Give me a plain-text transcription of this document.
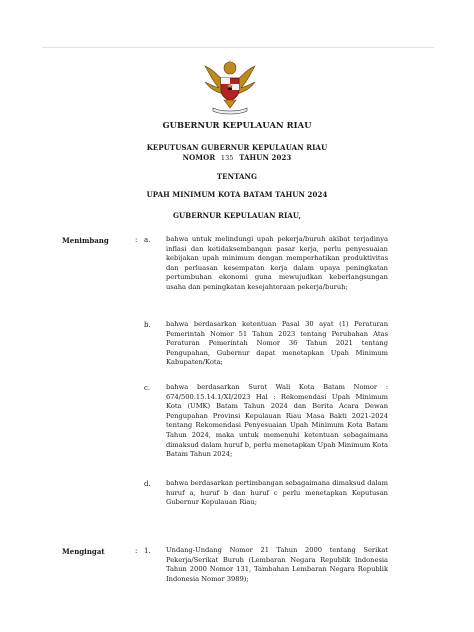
GUBERNUR KEPULAUAN RIAU
KEPUTUSAN GUBERNUR KEPULAUAN RIAU
NOMOR 135 TAHUN 2023
TENTANG
UPAH MINIMUM KOTA BATAM TAHUN 2024
GUBERNUR KEPULAUAN RIAU,
Menimbang	: a. bahwa untuk melindungi upah pekerja/buruh akibat terjadinya inflasi dan ketidaksembangan pasar kerja, perlu penyesuaian kebijakan upah minimum dengan memperhatikan produktivitas dan perluasan kesempatan kerja dalam upaya peningkatan pertumbuhan ekonomi guna mewujudkan keberlangsungan usaha dan peningkatan kesejahteraan pekerja/buruh;
b. bahwa berdasarkan ketentuan Pasal 30 ayat (1) Peraturan Pemerintah Nomor 51 Tahun 2023 tentang Perubahan Atas Peraturan Pemerintah Nomor 36 Tahun 2021 tentang Pengupahan, Gubernur dapat menetapkan Upah Minimum Kabupaten/Kota;
c. bahwa berdasarkan Surat Wali Kota Batam Nomor : 674/500.15.14.1/XI/2023 Hal : Rekomendasi Upah Minimum Kota (UMK) Batam Tahun 2024 dan Berita Acara Dewan Pengupahan Provinsi Kepulauan Riau Masa Bakti 2021-2024 tentang Rekomendasi Penyesuaian Upah Minimum Kota Batam Tahun 2024, maka untuk memenuhi ketentuan sebagaimana dimaksud dalam huruf b, perlu menetapkan Upah Minimum Kota Batam Tahun 2024;
d. bahwa berdasarkan pertimbangan sebagaimana dimaksud dalam huruf a, huruf b dan huruf c perlu menetapkan Keputusan Gubernur Kepulauan Riau;
Mengingat	: 1. Undang-Undang Nomor 21 Tahun 2000 tentang Serikat Pekerja/Serikat Buruh (Lembaran Negara Republik Indonesia Tahun 2000 Nomor 131, Tambahan Lembaran Negara Republik Indonesia Nomor 3989);
